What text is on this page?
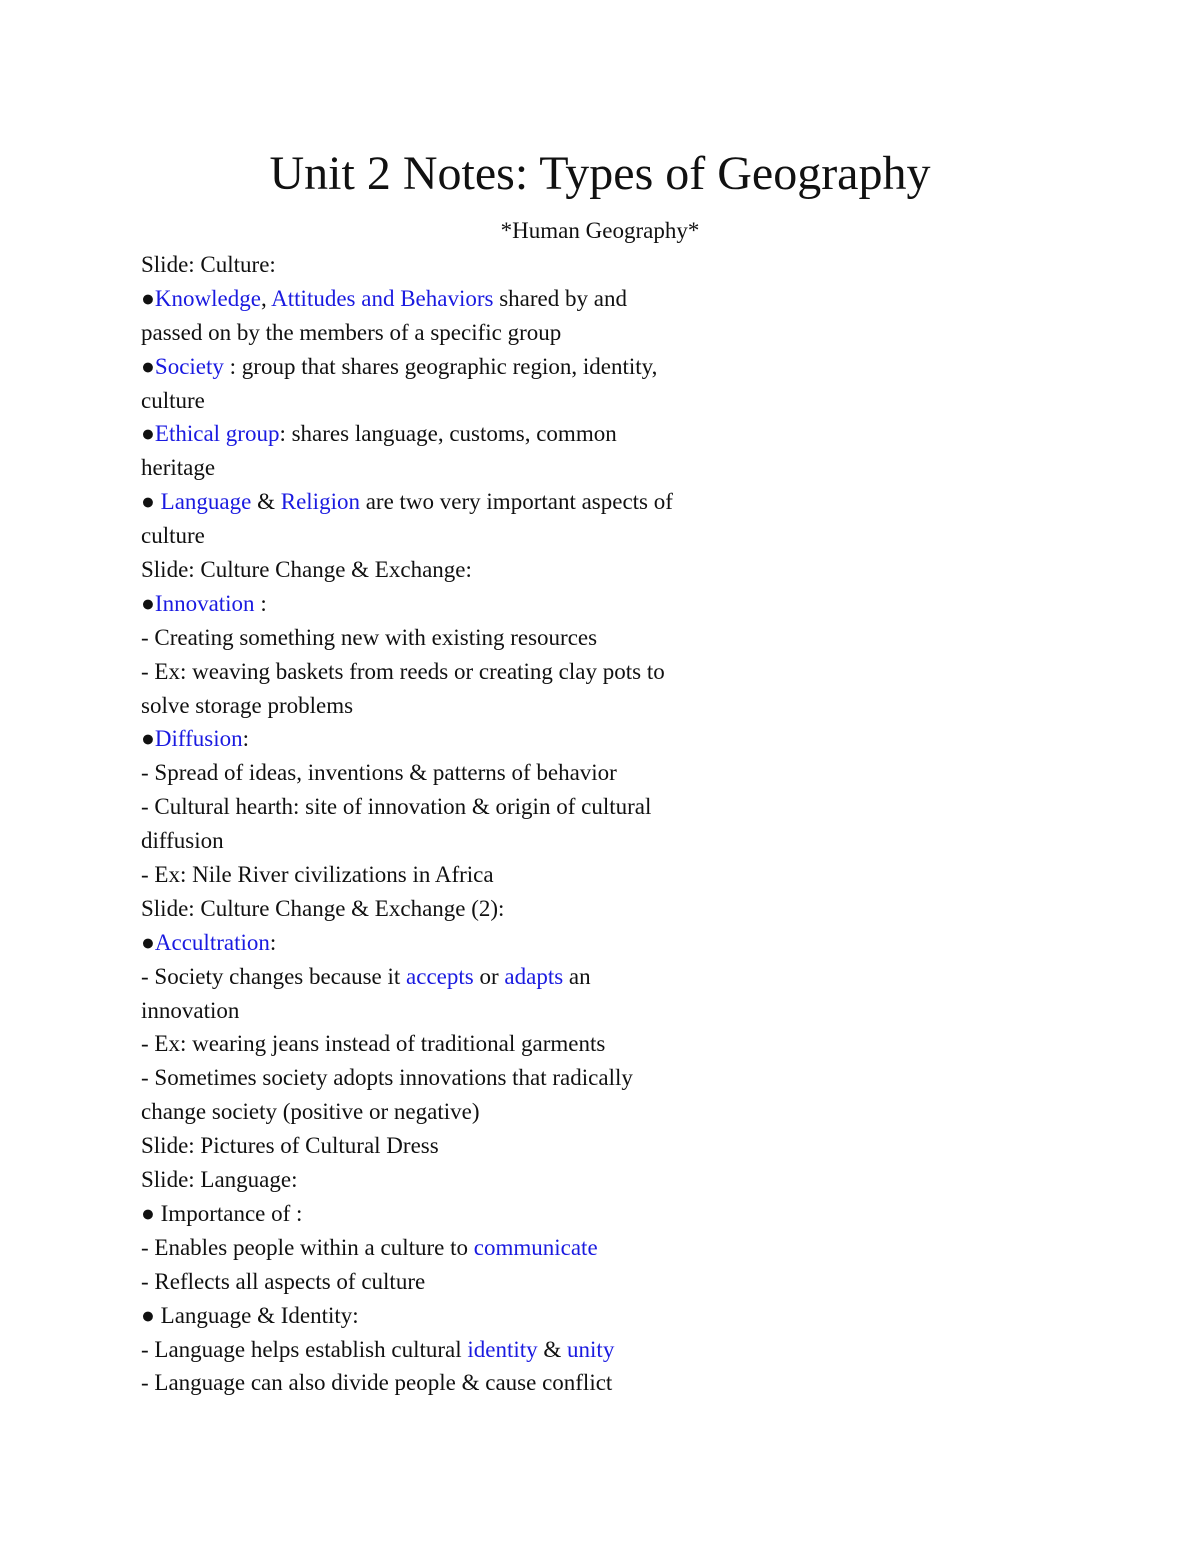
Unit 2 Notes: Types of Geography
*Human Geography*
Slide: Culture:
●Knowledge, Attitudes and Behaviors shared by and
passed on by the members of a specific group
●Society : group that shares geographic region, identity,
culture
●Ethical group: shares language, customs, common
heritage
● Language & Religion are two very important aspects of
culture
Slide: Culture Change & Exchange:
●Innovation :
- Creating something new with existing resources
- Ex: weaving baskets from reeds or creating clay pots to
solve storage problems
●Diffusion:
- Spread of ideas, inventions & patterns of behavior
- Cultural hearth: site of innovation & origin of cultural
diffusion
- Ex: Nile River civilizations in Africa
Slide: Culture Change & Exchange (2):
●Accultration:
- Society changes because it accepts or adapts an
innovation
- Ex: wearing jeans instead of traditional garments
- Sometimes society adopts innovations that radically
change society (positive or negative)
Slide: Pictures of Cultural Dress
Slide: Language:
● Importance of :
- Enables people within a culture to communicate
- Reflects all aspects of culture
● Language & Identity:
- Language helps establish cultural identity & unity
- Language can also divide people & cause conflict
